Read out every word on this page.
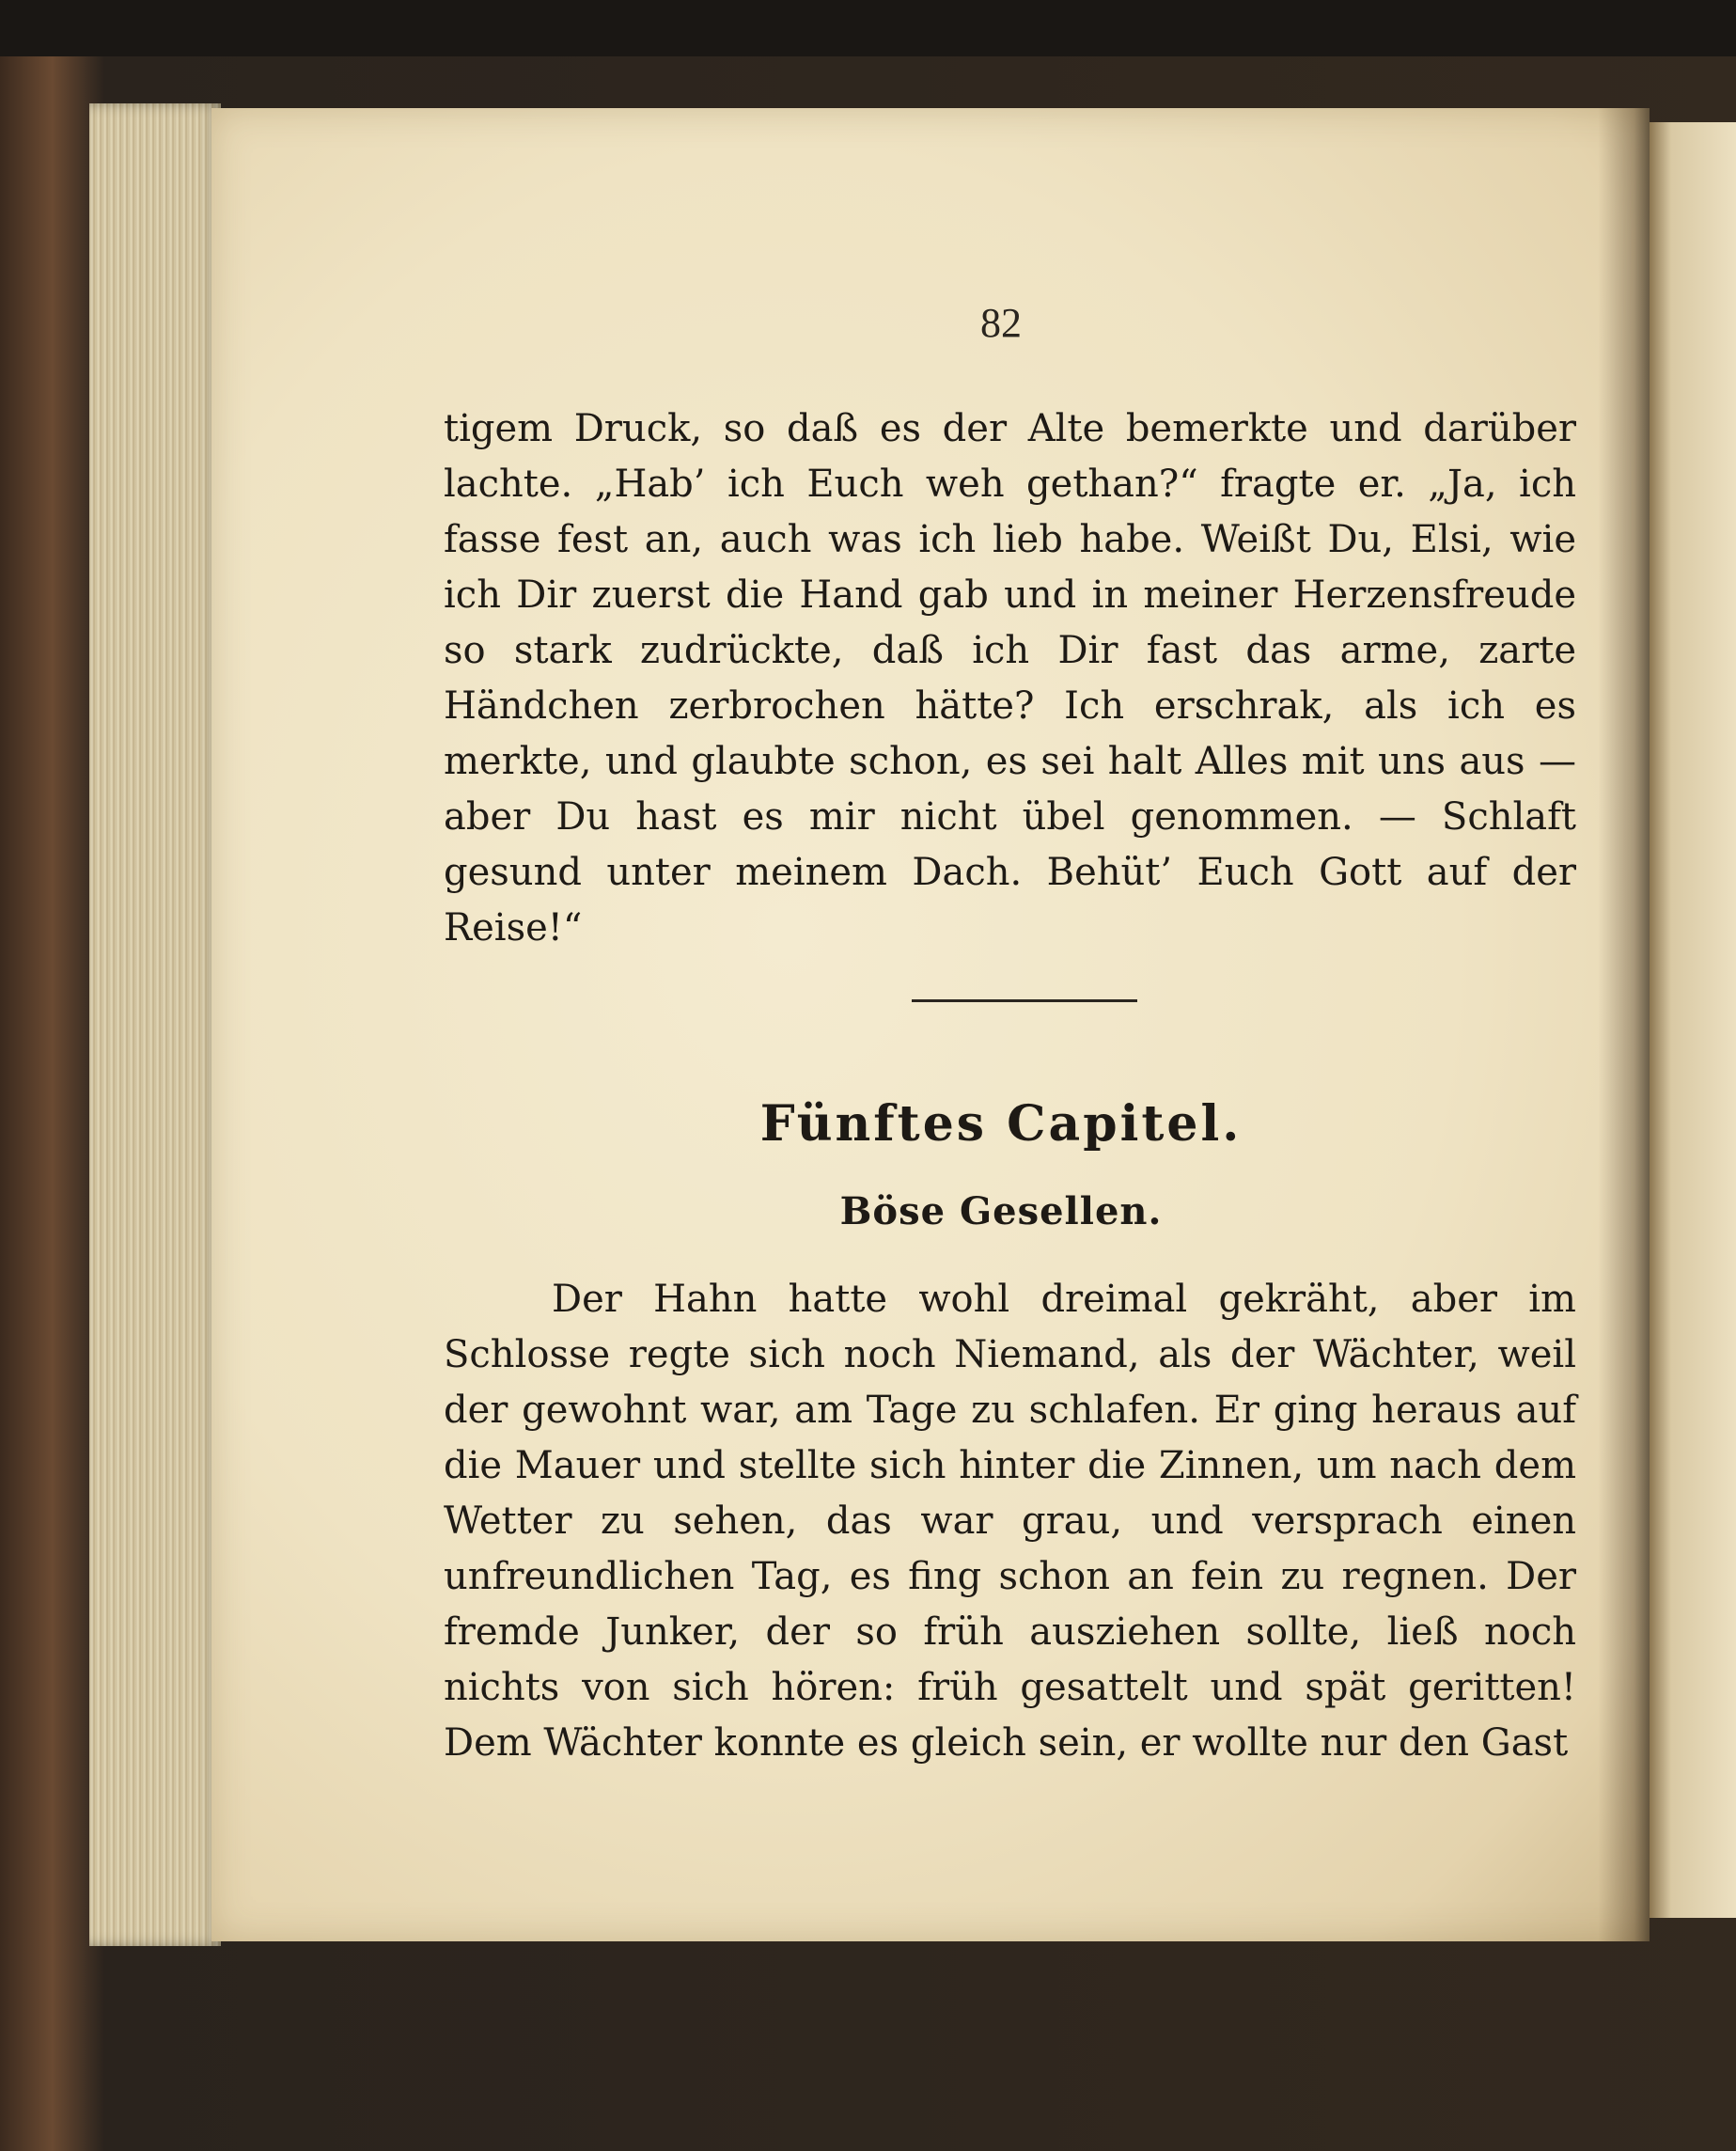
82

tigem Druck, so daß es der Alte bemerkte und darüber lachte. „Hab’ ich Euch weh gethan?“ fragte er. „Ja, ich fasse fest an, auch was ich lieb habe. Weißt Du, Elsi, wie ich Dir zuerst die Hand gab und in meiner Herzensfreude so stark zudrückte, daß ich Dir fast das arme, zarte Händchen zerbrochen hätte? Ich erschrak, als ich es merkte, und glaubte schon, es sei halt Alles mit uns aus — aber Du hast es mir nicht übel genommen. — Schlaft gesund unter meinem Dach. Behüt’ Euch Gott auf der Reise!“

Fünftes Capitel.
Böse Gesellen.

Der Hahn hatte wohl dreimal gekräht, aber im Schlosse regte sich noch Niemand, als der Wächter, weil der gewohnt war, am Tage zu schlafen. Er ging heraus auf die Mauer und stellte sich hinter die Zinnen, um nach dem Wetter zu sehen, das war grau, und versprach einen unfreundlichen Tag, es fing schon an fein zu regnen. Der fremde Junker, der so früh ausziehen sollte, ließ noch nichts von sich hören: früh gesattelt und spät geritten! Dem Wächter konnte es gleich sein, er wollte nur den Gast
